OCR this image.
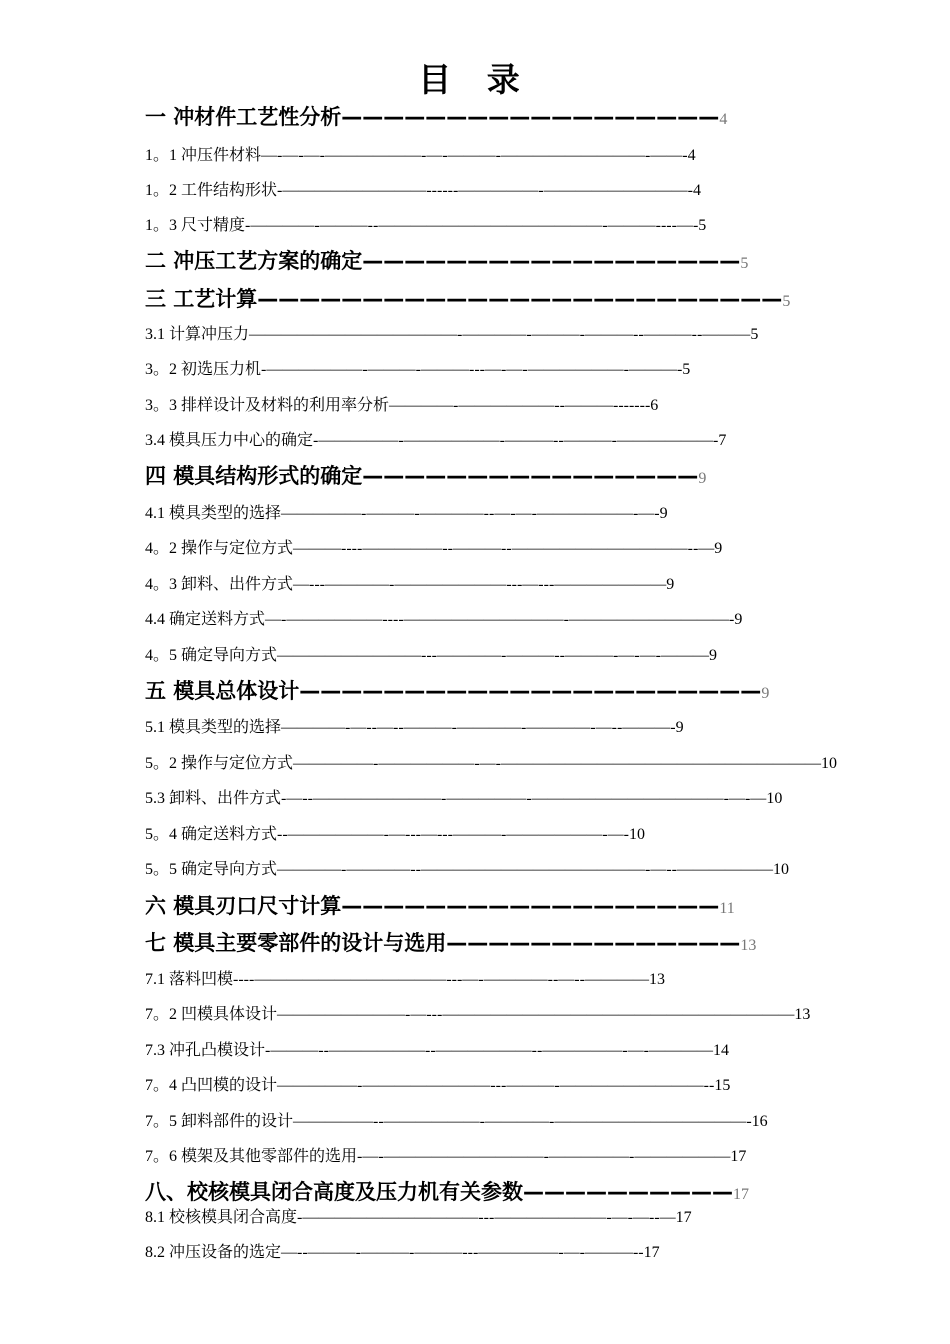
目 录
一 冲材件工艺性分析——————————————————4
1。1 冲压件材料—-—-—-——————-—-———-—————————-——-4
1。2 工件结构形状-—————————------—————-—————————-4
1。3 尺寸精度-————-———--——————————————-———----—-5
二 冲压工艺方案的确定——————————————————5
三 工艺计算—————————————————————————5
3.1 计算冲压力—————————————-————-———-———--———--———5
3。2 初选压力机-——————-———-———---—-—-——————-———-5
3。3 排样设计及材料的利用率分析————-——————--———-------6
3.4 模具压力中心的确定-—————-——————-———--———-——————-7
四 模具结构形式的确定————————————————9
4.1 模具类型的选择—————-———-————--—-—-——————-—-9
4。2 操作与定位方式———----—————--———--———————————--—9
4。3 卸料、出件方式—---————-———————---—---———————9
4.4 确定送料方式—-——————----——————————-——————————-9
4。5 确定导向方式—————————---————-———--———-—-—-———9
五 模具总体设计——————————————————————9
5.1 模具类型的选择————-—--—--———-————-————-—--———-9
5。2 操作与定位方式—————-——————-—-————————————————————10
5.3 卸料、出件方式-—--————————-—————-————————————-—-—10
5。4 确定送料方式--——————-—---—---———-——————-—-10
5。5 确定导向方式————-————--——————————————-—--——————10
六 模具刃口尺寸计算——————————————————11
七 模具主要零部件的设计与选用——————————————13
7.1 落料凹模----————————————---—-————--—--————13
7。2 凹模具体设计————————-—---——————————————————————13
7.3 冲孔凸模设计-———--——————--——————--—————-—-————14
7。4 凸凹模的设计—————-————————---———-—————————--15
7。5 卸料部件的设计—————--——————-————-————————————-16
7。6 模架及其他零部件的选用-—-——————————-—————-——————17
八、校核模具闭合高度及压力机有关参数——————————17
8.1 校核模具闭合高度-———————————---———————-—-—--—17
8.2 冲压设备的选定—--———-———-———---—————-—-———--17
